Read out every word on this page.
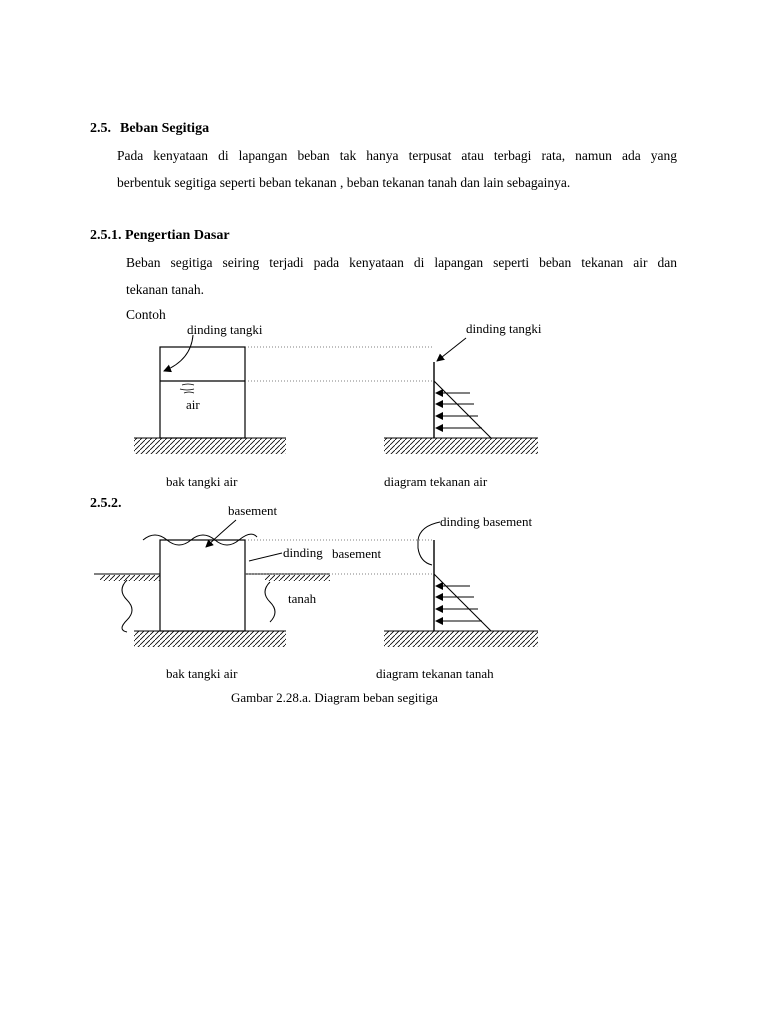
2.5. Beban Segitiga
Pada kenyataan di lapangan beban tak hanya terpusat atau terbagi rata, namun ada yang
berbentuk segitiga seperti beban tekanan , beban tekanan tanah dan lain sebagainya.
2.5.1. Pengertian Dasar
Beban segitiga seiring terjadi pada kenyataan di lapangan seperti beban tekanan air dan
tekanan tanah.
Contoh
2.5.2.
dinding tangki	dinding tangki
air
bak tangki air	diagram tekanan air
basement
dinding basement
dinding basement
tanah
bak tangki air	diagram tekanan tanah
Gambar 2.28.a. Diagram beban segitiga
